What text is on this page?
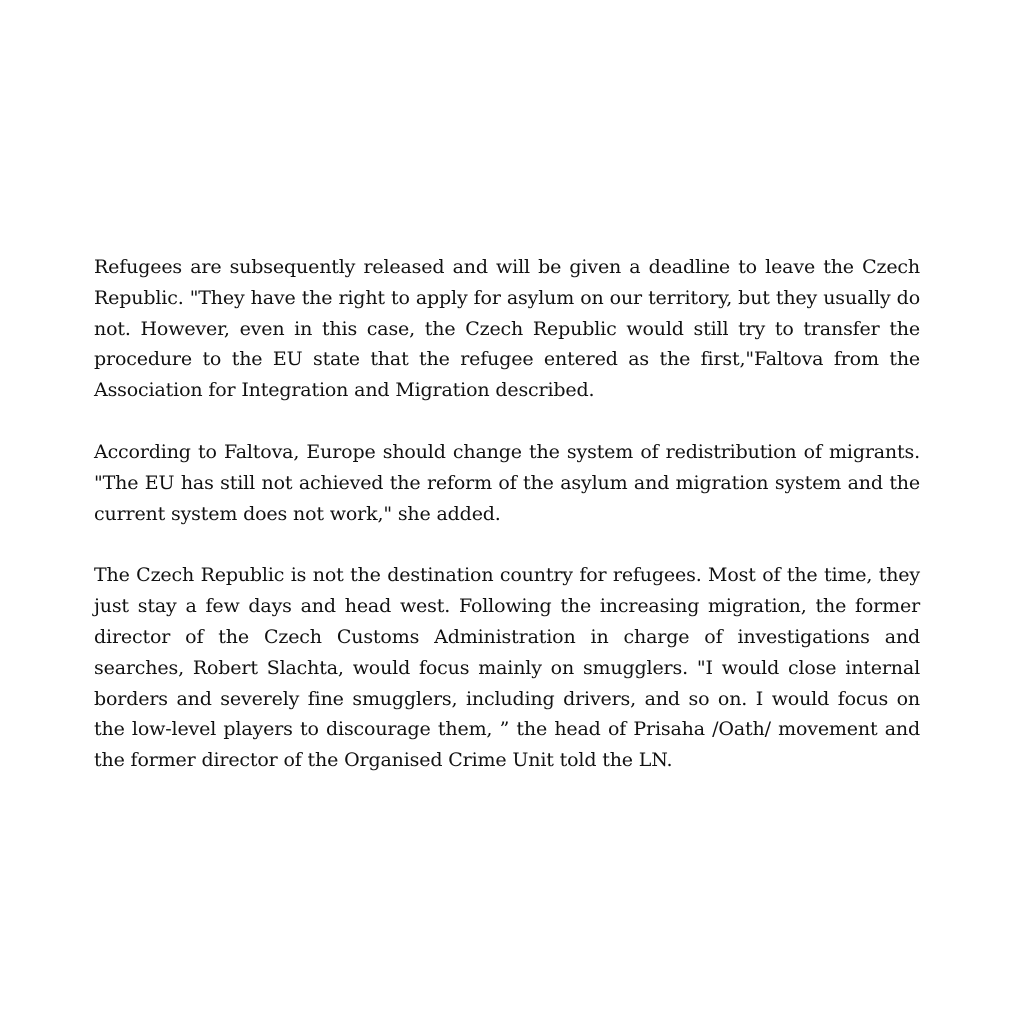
Refugees are subsequently released and will be given a deadline to leave the Czech Republic. "They have the right to apply for asylum on our territory, but they usually do not. However, even in this case, the Czech Republic would still try to transfer the procedure to the EU state that the refugee entered as the first,"Faltova from the Association for Integration and Migration described.

According to Faltova, Europe should change the system of redistribution of migrants. "The EU has still not achieved the reform of the asylum and migration system and the current system does not work," she added.

The Czech Republic is not the destination country for refugees. Most of the time, they just stay a few days and head west. Following the increasing migration, the former director of the Czech Customs Administration in charge of investigations and searches, Robert Slachta, would focus mainly on smugglers. "I would close internal borders and severely fine smugglers, including drivers, and so on. I would focus on the low-level players to discourage them, ” the head of Prisaha /Oath/ movement and the former director of the Organised Crime Unit told the LN.
